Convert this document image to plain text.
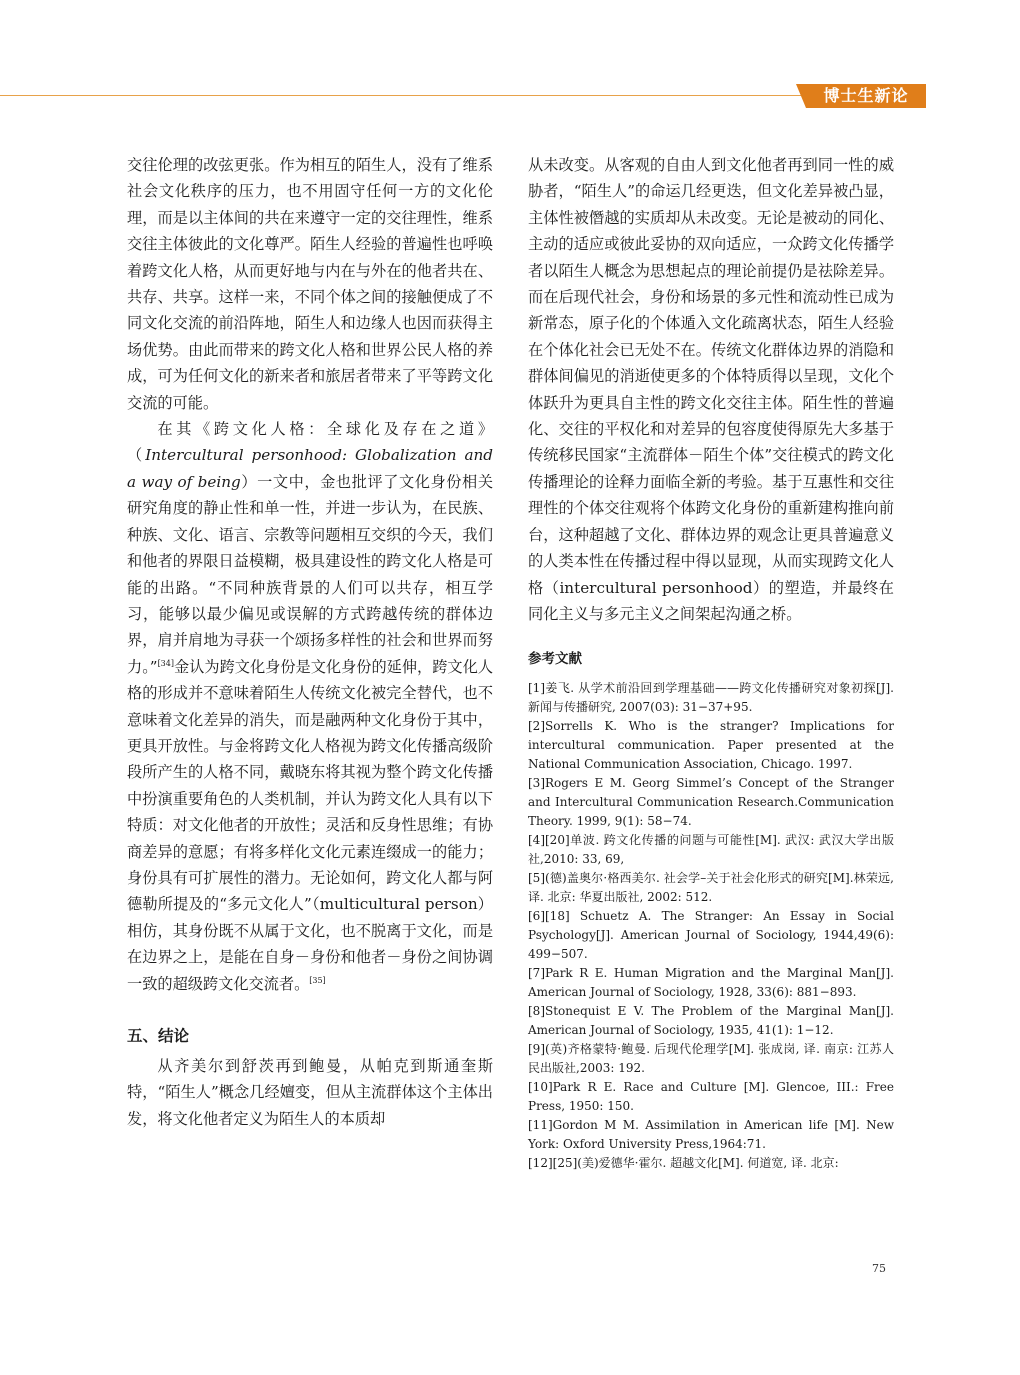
博士生新论

交往伦理的改弦更张。作为相互的陌生人，没有了维系社会文化秩序的压力，也不用固守任何一方的文化伦理，而是以主体间的共在来遵守一定的交往理性，维系交往主体彼此的文化尊严。陌生人经验的普遍性也呼唤着跨文化人格，从而更好地与内在与外在的他者共在、共存、共享。这样一来，不同个体之间的接触便成了不同文化交流的前沿阵地，陌生人和边缘人也因而获得主场优势。由此而带来的跨文化人格和世界公民人格的养成，可为任何文化的新来者和旅居者带来了平等跨文化交流的可能。

在其《跨文化人格：全球化及存在之道》（Intercultural personhood: Globalization and a way of being）一文中，金也批评了文化身份相关研究角度的静止性和单一性，并进一步认为，在民族、种族、文化、语言、宗教等问题相互交织的今天，我们和他者的界限日益模糊，极具建设性的跨文化人格是可能的出路。“不同种族背景的人们可以共存，相互学习，能够以最少偏见或误解的方式跨越传统的群体边界，肩并肩地为寻获一个颂扬多样性的社会和世界而努力。”[34]金认为跨文化身份是文化身份的延伸，跨文化人格的形成并不意味着陌生人传统文化被完全替代，也不意味着文化差异的消失，而是融两种文化身份于其中，更具开放性。与金将跨文化人格视为跨文化传播高级阶段所产生的人格不同，戴晓东将其视为整个跨文化传播中扮演重要角色的人类机制，并认为跨文化人具有以下特质：对文化他者的开放性；灵活和反身性思维；有协商差异的意愿；有将多样化文化元素连缀成一的能力；身份具有可扩展性的潜力。无论如何，跨文化人都与阿德勒所提及的“多元文化人”（multicultural person）相仿，其身份既不从属于文化，也不脱离于文化，而是在边界之上，是能在自身－身份和他者－身份之间协调一致的超级跨文化交流者。[35]

五、结论

从齐美尔到舒茨再到鲍曼，从帕克到斯通奎斯特，“陌生人”概念几经嬗变，但从主流群体这个主体出发，将文化他者定义为陌生人的本质却

从未改变。从客观的自由人到文化他者再到同一性的威胁者，“陌生人”的命运几经更迭，但文化差异被凸显，主体性被僭越的实质却从未改变。无论是被动的同化、主动的适应或彼此妥协的双向适应，一众跨文化传播学者以陌生人概念为思想起点的理论前提仍是祛除差异。而在后现代社会，身份和场景的多元性和流动性已成为新常态，原子化的个体遁入文化疏离状态，陌生人经验在个体化社会已无处不在。传统文化群体边界的消隐和群体间偏见的消逝使更多的个体特质得以呈现，文化个体跃升为更具自主性的跨文化交往主体。陌生性的普遍化、交往的平权化和对差异的包容度使得原先大多基于传统移民国家“主流群体－陌生个体”交往模式的跨文化传播理论的诠释力面临全新的考验。基于互惠性和交往理性的个体交往观将个体跨文化身份的重新建构推向前台，这种超越了文化、群体边界的观念让更具普遍意义的人类本性在传播过程中得以显现，从而实现跨文化人格（intercultural personhood）的塑造，并最终在同化主义与多元主义之间架起沟通之桥。

参考文献

[1]姜飞. 从学术前沿回到学理基础——跨文化传播研究对象初探[J]. 新闻与传播研究, 2007(03): 31−37+95.
[2]Sorrells K. Who is the stranger? Implications for intercultural communication. Paper presented at the National Communication Association, Chicago. 1997.
[3]Rogers E M. Georg Simmel’s Concept of the Stranger and Intercultural Communication Research.Communication Theory. 1999, 9(1): 58−74.
[4][20]单波. 跨文化传播的问题与可能性[M]. 武汉: 武汉大学出版社,2010: 33, 69,
[5](德)盖奥尔·格西美尔. 社会学–关于社会化形式的研究[M].林荣远, 译. 北京: 华夏出版社, 2002: 512.
[6][18] Schuetz A. The Stranger: An Essay in Social Psychology[J]. American Journal of Sociology, 1944,49(6): 499−507.
[7]Park R E. Human Migration and the Marginal Man[J]. American Journal of Sociology, 1928, 33(6): 881−893.
[8]Stonequist E V. The Problem of the Marginal Man[J]. American Journal of Sociology, 1935, 41(1): 1−12.
[9](英)齐格蒙特·鲍曼. 后现代伦理学[M]. 张成岗, 译. 南京: 江苏人民出版社,2003: 192.
[10]Park R E. Race and Culture [M]. Glencoe, III.: Free Press, 1950: 150.
[11]Gordon M M. Assimilation in American life [M]. New York: Oxford University Press,1964:71.
[12][25](美)爱德华·霍尔. 超越文化[M]. 何道宽, 译. 北京:
75
